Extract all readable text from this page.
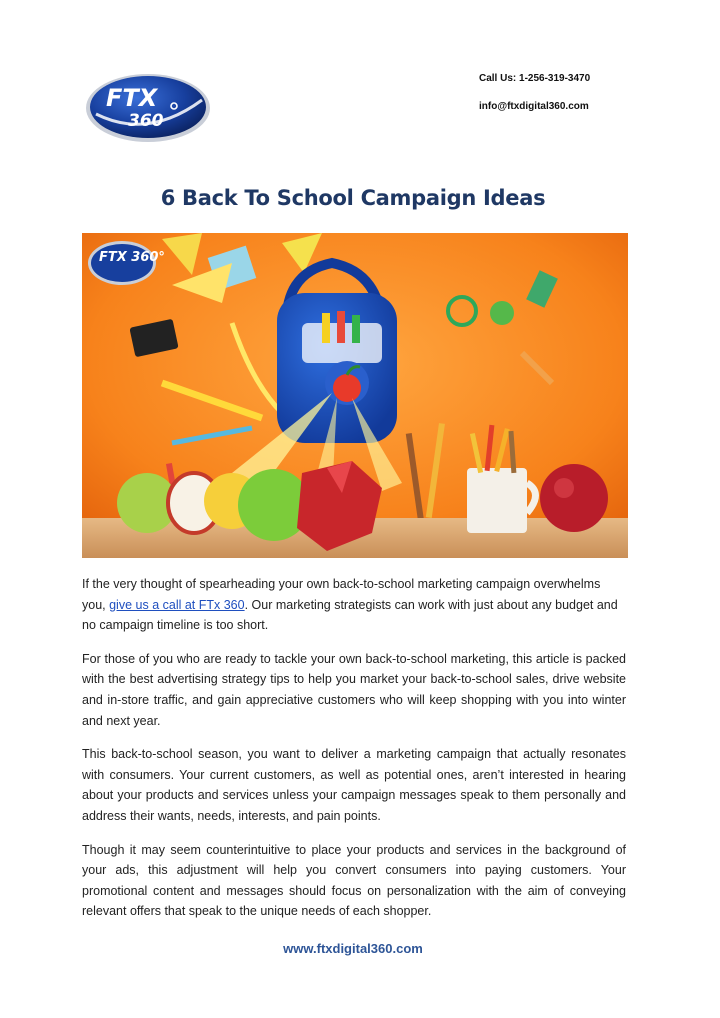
FTX
360
Call Us: 1-256-319-3470
info@ftxdigital360.com
6 Back To School Campaign Ideas
FTX 360°

If the very thought of spearheading your own back-to-school marketing campaign overwhelms you, give us a call at FTx 360. Our marketing strategists can work with just about any budget and no campaign timeline is too short.

For those of you who are ready to tackle your own back-to-school marketing, this article is packed with the best advertising strategy tips to help you market your back-to-school sales, drive website and in-store traffic, and gain appreciative customers who will keep shopping with you into winter and next year.

This back-to-school season, you want to deliver a marketing campaign that actually resonates with consumers. Your current customers, as well as potential ones, aren’t interested in hearing about your products and services unless your campaign messages speak to them personally and address their wants, needs, interests, and pain points.

Though it may seem counterintuitive to place your products and services in the background of your ads, this adjustment will help you convert consumers into paying customers. Your promotional content and messages should focus on personalization with the aim of conveying relevant offers that speak to the unique needs of each shopper.

www.ftxdigital360.com
